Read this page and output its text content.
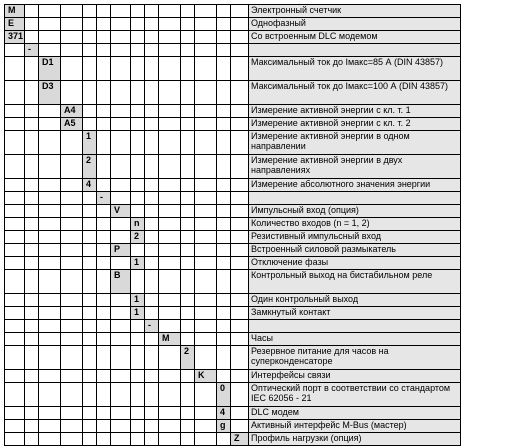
M														Электронный счетчик
E														Однофазный
371														Со встроенным DLC модемом
	-													
		D1												Максимальный ток до Iмакс=85 А (DIN 43857)
		D3												Максимальный ток до Iмакс=100 А (DIN 43857)
			A4											Измерение активной энергии с кл. т. 1
			A5											Измерение активной энергии с кл. т. 2
				1										Измерение активной энергии в одном направлении
				2										Измерение активной энергии в двух направлениях
				4										Измерение абсолютного значения энергии
					-									
						V								Импульсный вход (опция)
							n							Количество входов (n = 1, 2)
							2							Резистивный импульсный вход
						P								Встроенный силовой размыкатель
							1							Отключение фазы
						B								Контрольный выход на бистабильном реле
							1							Один контрольный выход
							1							Замкнутый контакт
								-						
									M					Часы
										2				Резервное питание для часов на суперконденсаторе
											K			Интерфейсы связи
												0		Оптический порт в соответствии со стандартом IEC 62056 - 21
												4		DLC модем
												g		Активный интерфейс M-Bus (мастер)
													Z	Профиль нагрузки (опция)
